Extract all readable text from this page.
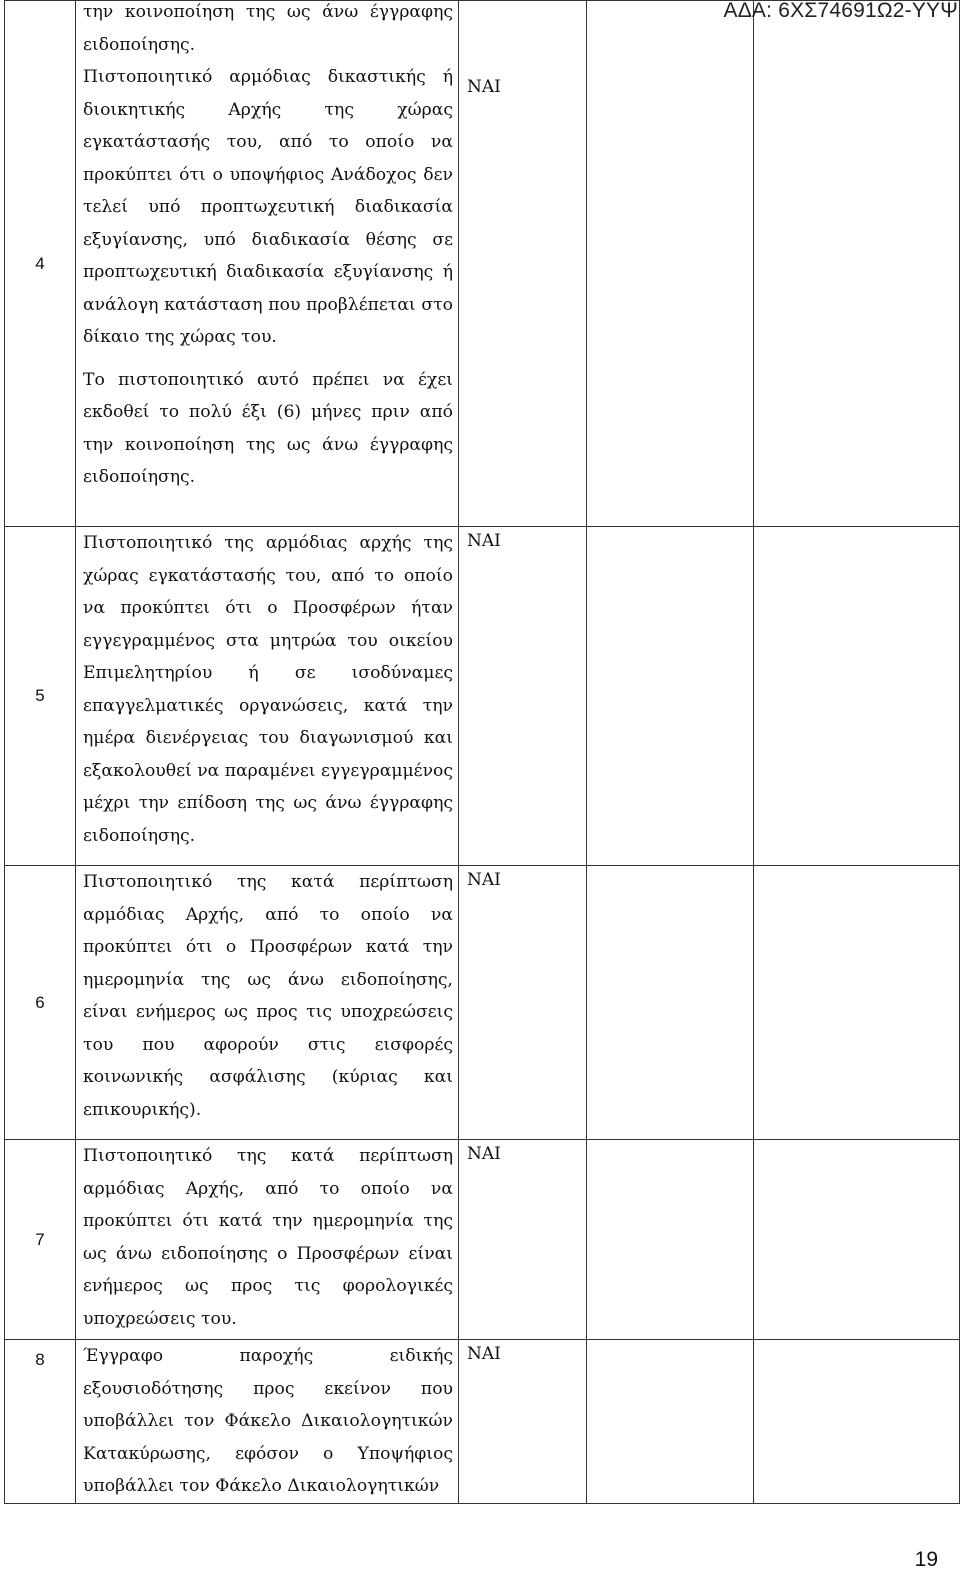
ΑΔΑ: 6ΧΣ74691Ω2-ΥΥΨ
4	την κοινοποίηση της ως άνω έγγραφης ειδοποίησης.

Πιστοποιητικό αρμόδιας δικαστικής ή διοικητικής Αρχής της χώρας εγκατάστασής του, από το οποίο να προκύπτει ότι ο υποψήφιος Ανάδοχος δεν τελεί υπό προπτωχευτική διαδικασία εξυγίανσης, υπό διαδικασία θέσης σε προπτωχευτική διαδικασία εξυγίανσης ή ανάλογη κατάσταση που προβλέπεται στο δίκαιο της χώρας του.

Το πιστοποιητικό αυτό πρέπει να έχει εκδοθεί το πολύ έξι (6) μήνες πριν από την κοινοποίηση της ως άνω έγγραφης ειδοποίησης.	ΝΑΙ		
5	Πιστοποιητικό της αρμόδιας αρχής της χώρας εγκατάστασής του, από το οποίο να προκύπτει ότι ο Προσφέρων ήταν εγγεγραμμένος στα μητρώα του οικείου Επιμελητηρίου ή σε ισοδύναμες επαγγελματικές οργανώσεις, κατά την ημέρα διενέργειας του διαγωνισμού και εξακολουθεί να παραμένει εγγεγραμμένος μέχρι την επίδοση της ως άνω έγγραφης ειδοποίησης.	ΝΑΙ		
6	Πιστοποιητικό της κατά περίπτωση αρμόδιας Αρχής, από το οποίο να προκύπτει ότι ο Προσφέρων κατά την ημερομηνία της ως άνω ειδοποίησης, είναι ενήμερος ως προς τις υποχρεώσεις του που αφορούν στις εισφορές κοινωνικής ασφάλισης (κύριας και επικουρικής).	ΝΑΙ		
7	Πιστοποιητικό της κατά περίπτωση αρμόδιας Αρχής, από το οποίο να προκύπτει ότι κατά την ημερομηνία της ως άνω ειδοποίησης ο Προσφέρων είναι ενήμερος ως προς τις φορολογικές υποχρεώσεις του.	ΝΑΙ		
8	Έγγραφο παροχής ειδικής εξουσιοδότησης προς εκείνον που υποβάλλει τον Φάκελο Δικαιολογητικών Κατακύρωσης, εφόσον ο Υποψήφιος υποβάλλει τον Φάκελο Δικαιολογητικών	ΝΑΙ		
19
